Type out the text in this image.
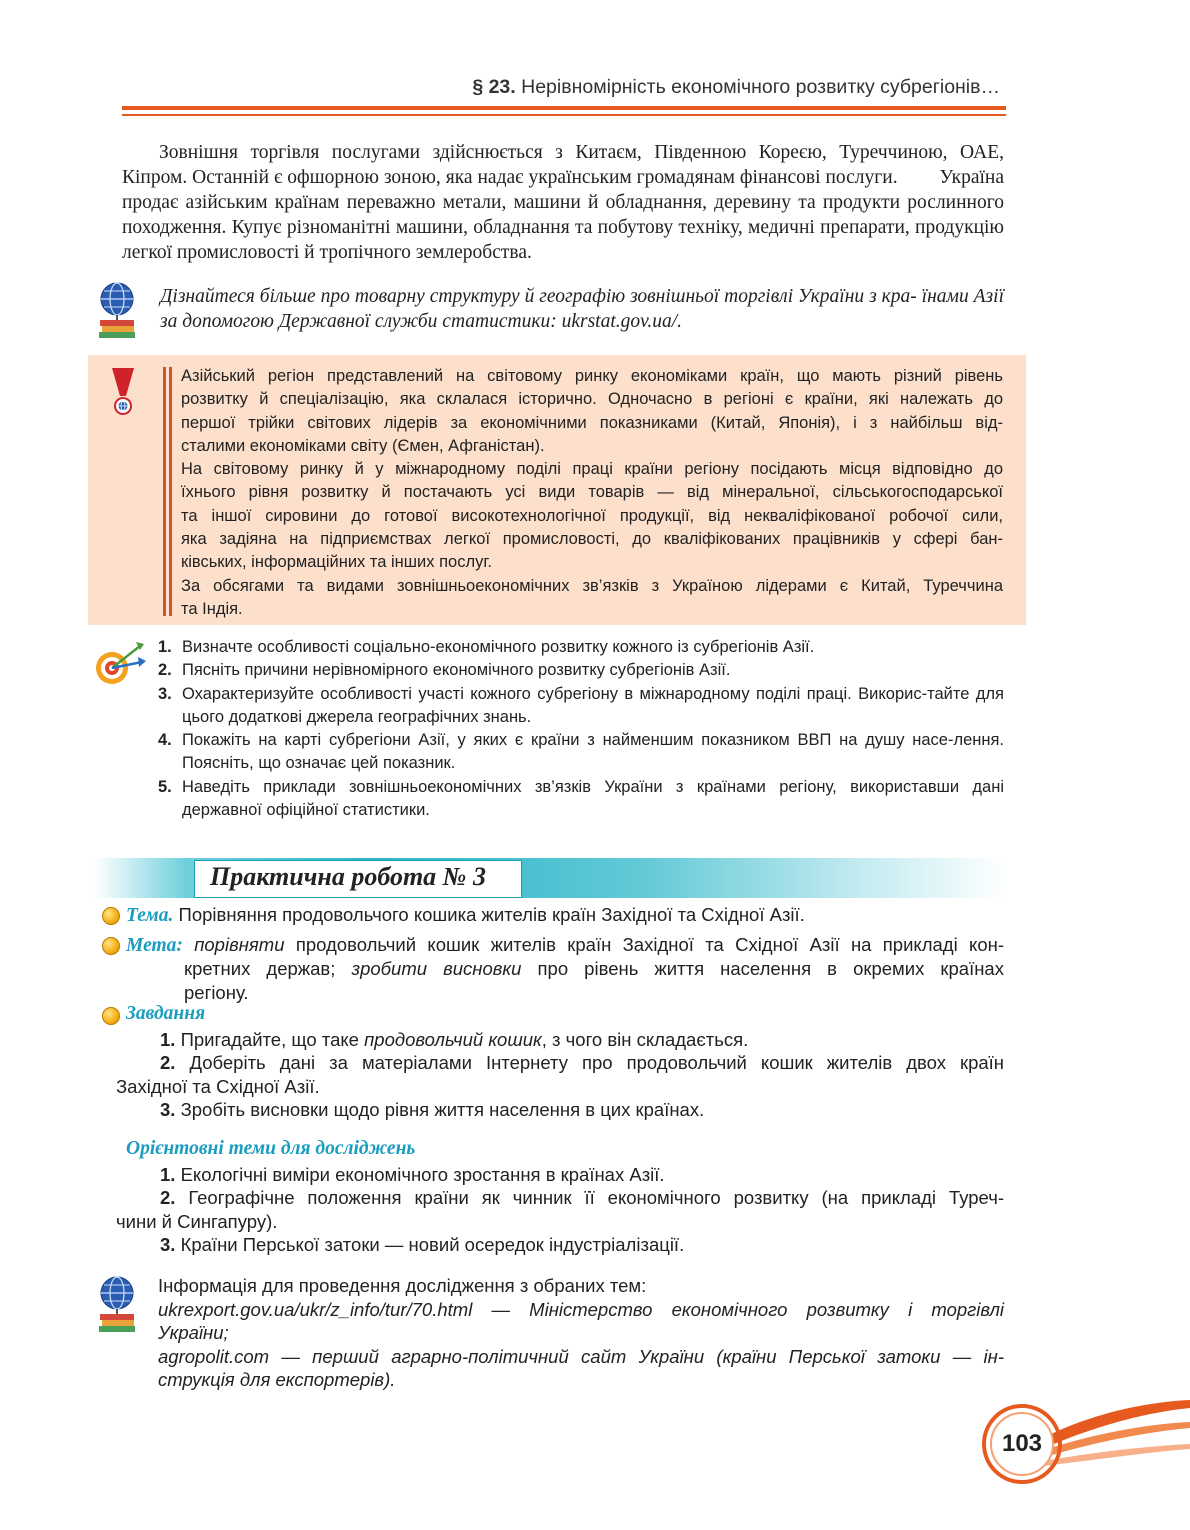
§ 23. Нерівномірність економічного розвитку субрегіонів…
Зовнішня торгівля послугами здійснюється з Китаєм, Південною Кореєю, Туреччиною, ОАЕ, Кіпром. Останній є офшорною зоною, яка надає українським громадянам фінансові послуги. Україна продає азійським країнам переважно метали, машини й обладнання, деревину та продукти рослинного походження. Купує різноманітні машини, обладнання та побутову техніку, медичні препарати, продукцію легкої промисловості й тропічного землеробства.
Дізнайтеся більше про товарну структуру й географію зовнішньої торгівлі України з кра- їнами Азії за допомогою Державної служби статистики: ukrstat.gov.ua/.
Азійський регіон представлений на світовому ринку економіками країн, що мають різний рівень
розвитку й спеціалізацію, яка склалася історично. Одночасно в регіоні є країни, які належать до
першої трійки світових лідерів за економічними показниками (Китай, Японія), і з найбільш від-
сталими економіками світу (Ємен, Афганістан).
На світовому ринку й у міжнародному поділі праці країни регіону посідають місця відповідно до
їхнього рівня розвитку й постачають усі види товарів — від мінеральної, сільськогосподарської
та іншої сировини до готової високотехнологічної продукції, від некваліфікованої робочої сили,
яка задіяна на підприємствах легкої промисловості, до кваліфікованих працівників у сфері бан-
ківських, інформаційних та інших послуг.
За обсягами та видами зовнішньоекономічних зв’язків з Україною лідерами є Китай, Туреччина
та Індія.
1. Визначте особливості соціально-економічного розвитку кожного із субрегіонів Азії.
2. Пясніть причини нерівномірного економічного розвитку субрегіонів Азії.
3. Охарактеризуйте особливості участі кожного субрегіону в міжнародному поділі праці. Викорис-тайте для цього додаткові джерела географічних знань.
4. Покажіть на карті субрегіони Азії, у яких є країни з найменшим показником ВВП на душу насе-лення. Поясніть, що означає цей показник.
5. Наведіть приклади зовнішньоекономічних зв’язків України з країнами регіону, використавши дані державної офіційної статистики.
Практична робота № 3
Тема. Порівняння продовольчого кошика жителів країн Західної та Східної Азії.
Мета: порівняти продовольчий кошик жителів країн Західної та Східної Азії на прикладі кон-
кретних держав; зробити висновки про рівень життя населення в окремих країнах
регіону.
Завдання
1. Пригадайте, що таке продовольчий кошик, з чого він складається.
2. Доберіть дані за матеріалами Інтернету про продовольчий кошик жителів двох країн
Західної та Східної Азії.
3. Зробіть висновки щодо рівня життя населення в цих країнах.
Орієнтовні теми для досліджень
1. Екологічні виміри економічного зростання в країнах Азії.
2. Географічне положення країни як чинник її економічного розвитку (на прикладі Туреч-
чини й Сингапуру).
3. Країни Перської затоки — новий осередок індустріалізації.
Інформація для проведення дослідження з обраних тем:
ukrexport.gov.ua/ukr/z_info/tur/70.html — Міністерство економічного розвитку і торгівлі
України;
agropolit.com — перший аграрно-політичний сайт України (країни Перської затоки — ін-
струкція для експортерів).
103
